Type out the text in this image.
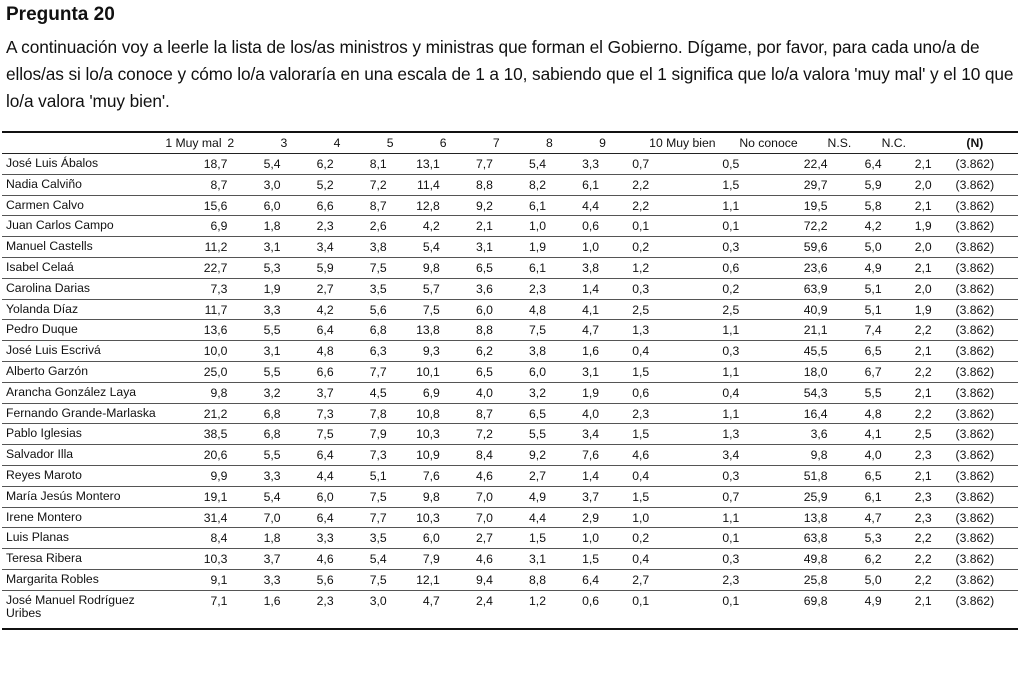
Pregunta 20
A continuación voy a leerle la lista de los/as ministros y ministras que forman el Gobierno. Dígame, por favor, para cada uno/a de ellos/as si lo/a conoce y cómo lo/a valoraría en una escala de 1 a 10, sabiendo que el 1 significa que lo/a valora 'muy mal' y el 10 que lo/a valora 'muy bien'.
	1 Muy mal	2	3	4	5	6	7	8	9	10 Muy bien	No conoce	N.S.	N.C.	(N)
José Luis Ábalos	18,7	5,4	6,2	8,1	13,1	7,7	5,4	3,3	0,7	0,5	22,4	6,4	2,1	(3.862)
Nadia Calviño	8,7	3,0	5,2	7,2	11,4	8,8	8,2	6,1	2,2	1,5	29,7	5,9	2,0	(3.862)
Carmen Calvo	15,6	6,0	6,6	8,7	12,8	9,2	6,1	4,4	2,2	1,1	19,5	5,8	2,1	(3.862)
Juan Carlos Campo	6,9	1,8	2,3	2,6	4,2	2,1	1,0	0,6	0,1	0,1	72,2	4,2	1,9	(3.862)
Manuel Castells	11,2	3,1	3,4	3,8	5,4	3,1	1,9	1,0	0,2	0,3	59,6	5,0	2,0	(3.862)
Isabel Celaá	22,7	5,3	5,9	7,5	9,8	6,5	6,1	3,8	1,2	0,6	23,6	4,9	2,1	(3.862)
Carolina Darias	7,3	1,9	2,7	3,5	5,7	3,6	2,3	1,4	0,3	0,2	63,9	5,1	2,0	(3.862)
Yolanda Díaz	11,7	3,3	4,2	5,6	7,5	6,0	4,8	4,1	2,5	2,5	40,9	5,1	1,9	(3.862)
Pedro Duque	13,6	5,5	6,4	6,8	13,8	8,8	7,5	4,7	1,3	1,1	21,1	7,4	2,2	(3.862)
José Luis Escrivá	10,0	3,1	4,8	6,3	9,3	6,2	3,8	1,6	0,4	0,3	45,5	6,5	2,1	(3.862)
Alberto Garzón	25,0	5,5	6,6	7,7	10,1	6,5	6,0	3,1	1,5	1,1	18,0	6,7	2,2	(3.862)
Arancha González Laya	9,8	3,2	3,7	4,5	6,9	4,0	3,2	1,9	0,6	0,4	54,3	5,5	2,1	(3.862)
Fernando Grande-Marlaska	21,2	6,8	7,3	7,8	10,8	8,7	6,5	4,0	2,3	1,1	16,4	4,8	2,2	(3.862)
Pablo Iglesias	38,5	6,8	7,5	7,9	10,3	7,2	5,5	3,4	1,5	1,3	3,6	4,1	2,5	(3.862)
Salvador Illa	20,6	5,5	6,4	7,3	10,9	8,4	9,2	7,6	4,6	3,4	9,8	4,0	2,3	(3.862)
Reyes Maroto	9,9	3,3	4,4	5,1	7,6	4,6	2,7	1,4	0,4	0,3	51,8	6,5	2,1	(3.862)
María Jesús Montero	19,1	5,4	6,0	7,5	9,8	7,0	4,9	3,7	1,5	0,7	25,9	6,1	2,3	(3.862)
Irene Montero	31,4	7,0	6,4	7,7	10,3	7,0	4,4	2,9	1,0	1,1	13,8	4,7	2,3	(3.862)
Luis Planas	8,4	1,8	3,3	3,5	6,0	2,7	1,5	1,0	0,2	0,1	63,8	5,3	2,2	(3.862)
Teresa Ribera	10,3	3,7	4,6	5,4	7,9	4,6	3,1	1,5	0,4	0,3	49,8	6,2	2,2	(3.862)
Margarita Robles	9,1	3,3	5,6	7,5	12,1	9,4	8,8	6,4	2,7	2,3	25,8	5,0	2,2	(3.862)
José Manuel Rodríguez Uribes	7,1	1,6	2,3	3,0	4,7	2,4	1,2	0,6	0,1	0,1	69,8	4,9	2,1	(3.862)
